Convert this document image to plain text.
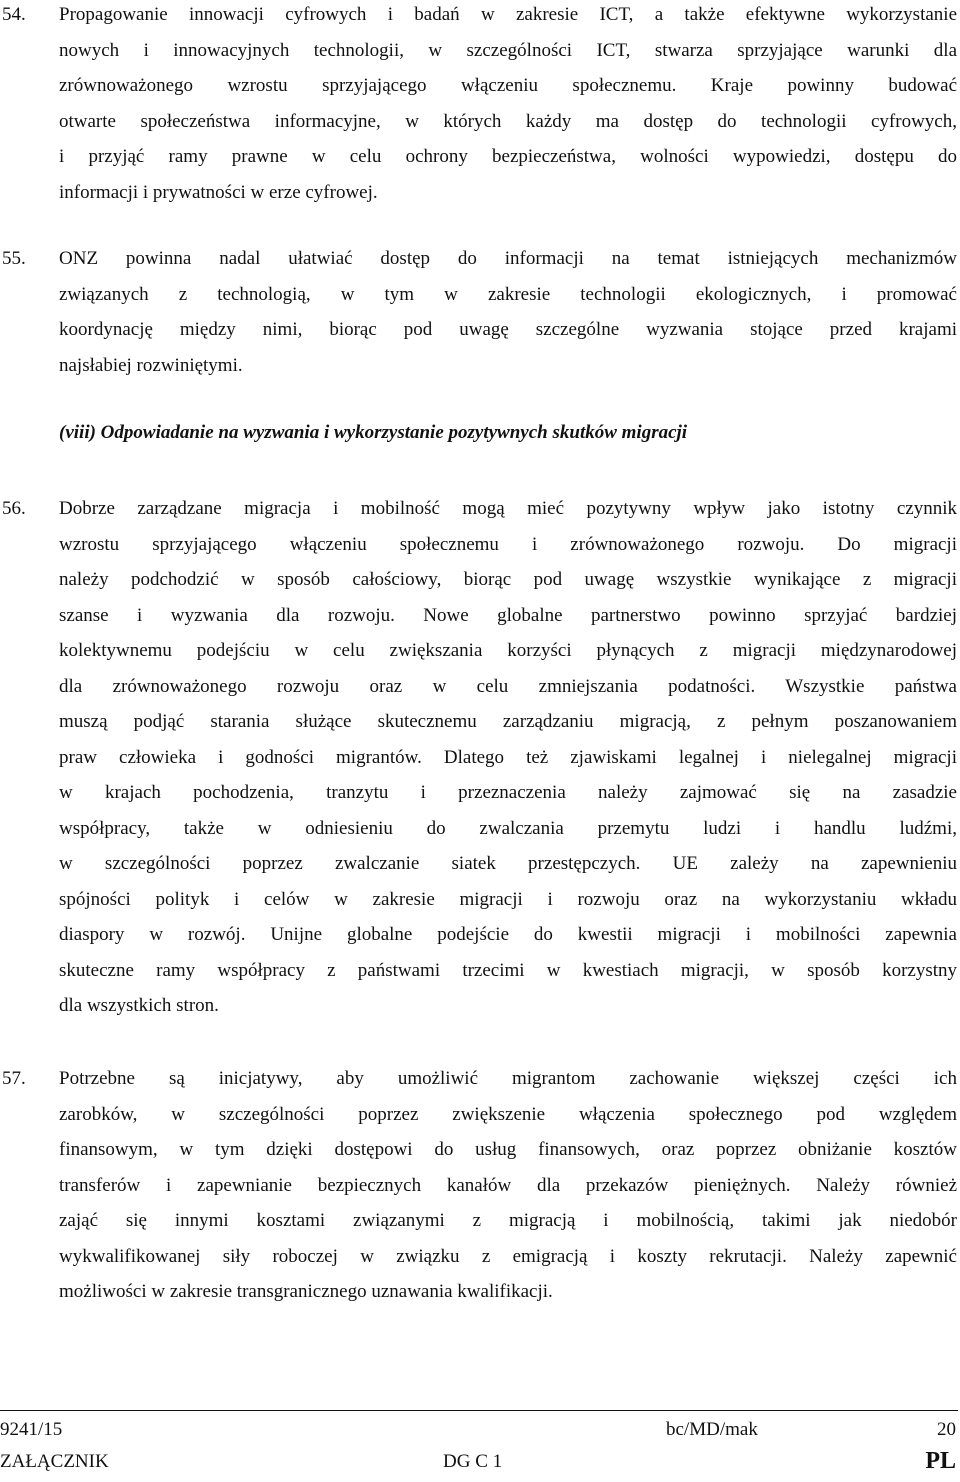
54. Propagowanie innowacji cyfrowych i badań w zakresie ICT, a także efektywne wykorzystanie
nowych i innowacyjnych technologii, w szczególności ICT, stwarza sprzyjające warunki dla
zrównoważonego wzrostu sprzyjającego włączeniu społecznemu. Kraje powinny budować
otwarte społeczeństwa informacyjne, w których każdy ma dostęp do technologii cyfrowych,
i przyjąć ramy prawne w celu ochrony bezpieczeństwa, wolności wypowiedzi, dostępu do
informacji i prywatności w erze cyfrowej.
55. ONZ powinna nadal ułatwiać dostęp do informacji na temat istniejących mechanizmów
związanych z technologią, w tym w zakresie technologii ekologicznych, i promować
koordynację między nimi, biorąc pod uwagę szczególne wyzwania stojące przed krajami
najsłabiej rozwiniętymi.
(viii) Odpowiadanie na wyzwania i wykorzystanie pozytywnych skutków migracji
56. Dobrze zarządzane migracja i mobilność mogą mieć pozytywny wpływ jako istotny czynnik
wzrostu sprzyjającego włączeniu społecznemu i zrównoważonego rozwoju. Do migracji
należy podchodzić w sposób całościowy, biorąc pod uwagę wszystkie wynikające z migracji
szanse i wyzwania dla rozwoju. Nowe globalne partnerstwo powinno sprzyjać bardziej
kolektywnemu podejściu w celu zwiększania korzyści płynących z migracji międzynarodowej
dla zrównoważonego rozwoju oraz w celu zmniejszania podatności. Wszystkie państwa
muszą podjąć starania służące skutecznemu zarządzaniu migracją, z pełnym poszanowaniem
praw człowieka i godności migrantów. Dlatego też zjawiskami legalnej i nielegalnej migracji
w krajach pochodzenia, tranzytu i przeznaczenia należy zajmować się na zasadzie
współpracy, także w odniesieniu do zwalczania przemytu ludzi i handlu ludźmi,
w szczególności poprzez zwalczanie siatek przestępczych. UE zależy na zapewnieniu
spójności polityk i celów w zakresie migracji i rozwoju oraz na wykorzystaniu wkładu
diaspory w rozwój. Unijne globalne podejście do kwestii migracji i mobilności zapewnia
skuteczne ramy współpracy z państwami trzecimi w kwestiach migracji, w sposób korzystny
dla wszystkich stron.
57. Potrzebne są inicjatywy, aby umożliwić migrantom zachowanie większej części ich
zarobków, w szczególności poprzez zwiększenie włączenia społecznego pod względem
finansowym, w tym dzięki dostępowi do usług finansowych, oraz poprzez obniżanie kosztów
transferów i zapewnianie bezpiecznych kanałów dla przekazów pieniężnych. Należy również
zająć się innymi kosztami związanymi z migracją i mobilnością, takimi jak niedobór
wykwalifikowanej siły roboczej w związku z emigracją i koszty rekrutacji. Należy zapewnić
możliwości w zakresie transgranicznego uznawania kwalifikacji.
9241/15	bc/MD/mak	20
ZAŁĄCZNIK	DG C 1	PL
